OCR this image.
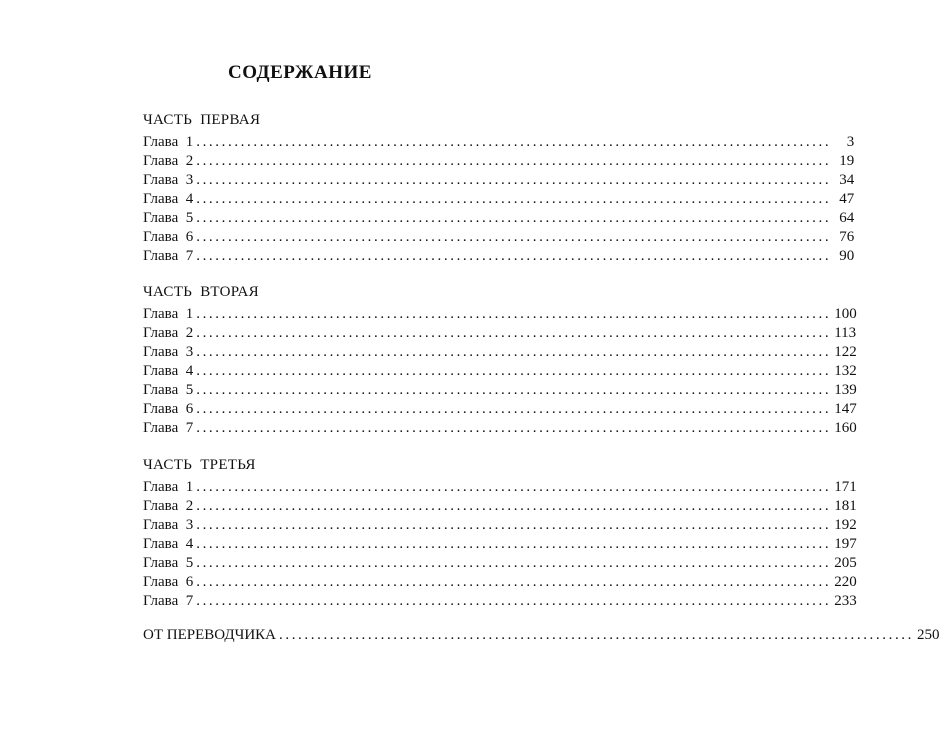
СОДЕРЖАНИЕ
ЧАСТЬ  ПЕРВАЯ
Глава  1 ....................................................................................................	3
Глава  2 .................................................................................................... 19
Глава  3 .................................................................................................... 34
Глава  4 .................................................................................................... 47
Глава  5 .................................................................................................... 64
Глава  6 .................................................................................................... 76
Глава  7 .................................................................................................... 90
ЧАСТЬ  ВТОРАЯ
Глава  1 .................................................................................................... 100
Глава  2 .................................................................................................... 113
Глава  3 .................................................................................................... 122
Глава  4 .................................................................................................... 132
Глава  5 .................................................................................................... 139
Глава  6 .................................................................................................... 147
Глава  7 .................................................................................................... 160
ЧАСТЬ  ТРЕТЬЯ
Глава  1 .................................................................................................... 171
Глава  2 .................................................................................................... 181
Глава  3 .................................................................................................... 192
Глава  4 .................................................................................................... 197
Глава  5 .................................................................................................... 205
Глава  6 .................................................................................................... 220
Глава  7 .................................................................................................... 233
ОТ ПЕРЕВОДЧИКА .................................................................................................... 250
